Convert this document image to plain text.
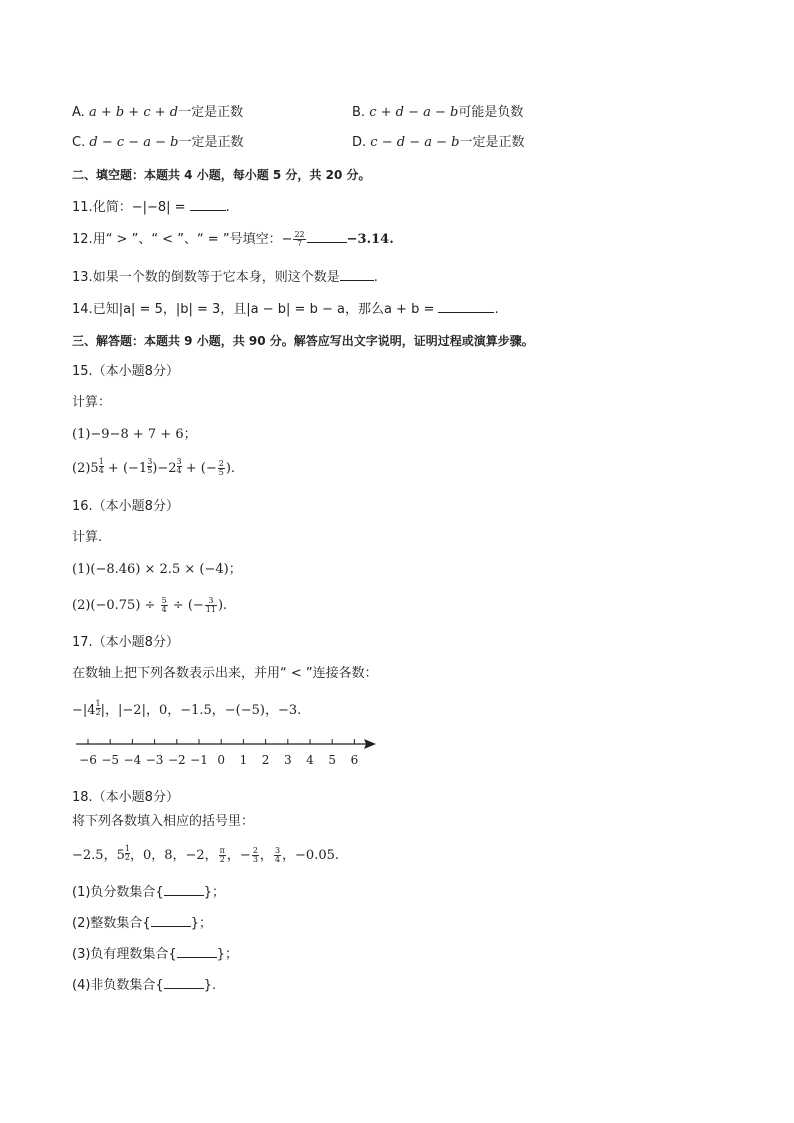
A. a + b + c + d一定是正数	B. c + d − a − b可能是负数
C. d − c − a − b一定是正数	D. c − d − a − b一定是正数
二、填空题：本题共 4 小题，每小题 5 分，共 20 分。
11.化简：−|−8| =	.
12.用“ > ”、“ < ”、“ = ”号填空：− $\frac{22}{7}$	−3.14.
13.如果一个数的倒数等于它本身，则这个数是	.
14.已知|a| = 5，|b| = 3，且|a − b| = b − a，那么a + b =	.
三、解答题：本题共 9 小题，共 90 分。解答应写出文字说明，证明过程或演算步骤。
15.（本小题8分）
计算：
(1)−9−8 + 7 + 6；
$(2)5 \frac{1}{4} + (-1 \frac{3}{5} )-2 \frac{3}{4}$ + (− $\frac{2}{5}$ ).
16.（本小题8分）
计算.
(1)(−8.46) × 2.5 × (−4)；
$(2)(-0.75) \div \frac{5}{4}$ ÷ (− $\frac{3}{11}$ ).
17.（本小题8分）
在数轴上把下列各数表示出来，并用“ < ”连接各数：
$-|4 \frac{1}{2}$ |，|−2|，0，−1.5，−(−5)，−3.
−6 −5 −4 −3 −2 −1 0 1 2 3 4 5 6
18.（本小题8分）
将下列各数填入相应的括号里：
−2.5，$5 \frac{1}{2}$ ，0，8，−2， $\frac{\pi}{2}$ ，− $\frac{2}{3}$ ， $\frac{3}{4}$ ，−0.05. .
(1)负分数集合{	}；
(2)整数集合{	}；
(3)负有理数集合{	}；
(4)非负数集合{	}.
